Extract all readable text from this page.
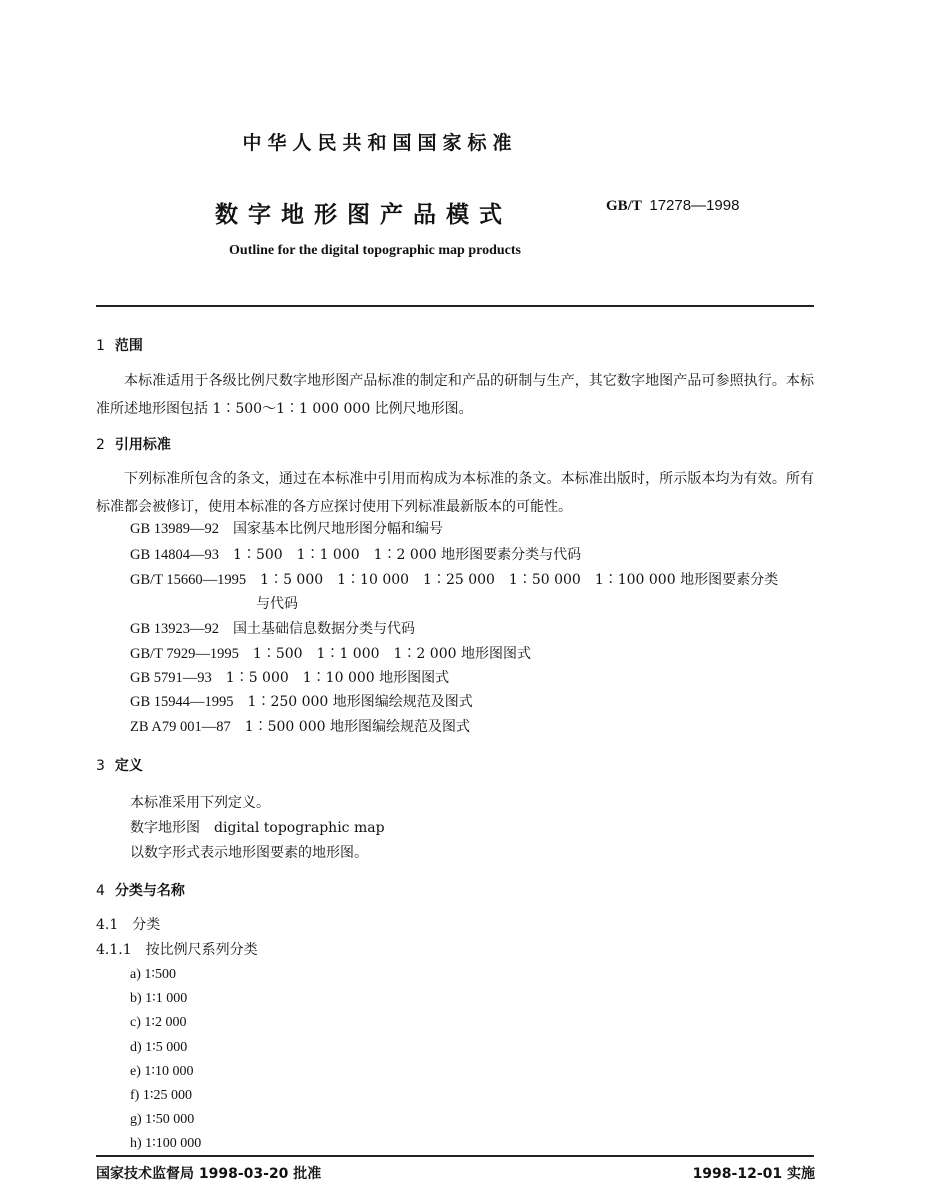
中华人民共和国国家标准
数字地形图产品模式	GB/T 17278—1998
Outline for the digital topographic map products
1 范围
本标准适用于各级比例尺数字地形图产品标准的制定和产品的研制与生产，其它数字地图产品可参照执行。本标准所述地形图包括 1∶500～1∶1 000 000 比例尺地形图。
2 引用标准
下列标准所包含的条文，通过在本标准中引用而构成为本标准的条文。本标准出版时，所示版本均为有效。所有标准都会被修订，使用本标准的各方应探讨使用下列标准最新版本的可能性。
GB 13989—92　 国家基本比例尺地形图分幅和编号
GB 14804—93　 1∶500　1∶1 000　1∶2 000 地形图要素分类与代码
GB/T 15660—1995　 1∶5 000　1∶10 000　1∶25 000　1∶50 000　1∶100 000 地形图要素分类
与代码
GB 13923—92　 国土基础信息数据分类与代码
GB/T 7929—1995　 1∶500　1∶1 000　1∶2 000 地形图图式
GB 5791—93　 1∶5 000　1∶10 000 地形图图式
GB 15944—1995　 1∶250 000 地形图编绘规范及图式
ZB A79 001—87　 1∶500 000 地形图编绘规范及图式
3 定义
本标准采用下列定义。
数字地形图　digital topographic map
以数字形式表示地形图要素的地形图。
4 分类与名称
4.1　分类
4.1.1　按比例尺系列分类
a) 1∶500
b) 1∶1 000
c) 1∶2 000
d) 1∶5 000
e) 1∶10 000
f) 1∶25 000
g) 1∶50 000
h) 1∶100 000
国家技术监督局 1998-03-20 批准	1998-12-01 实施
